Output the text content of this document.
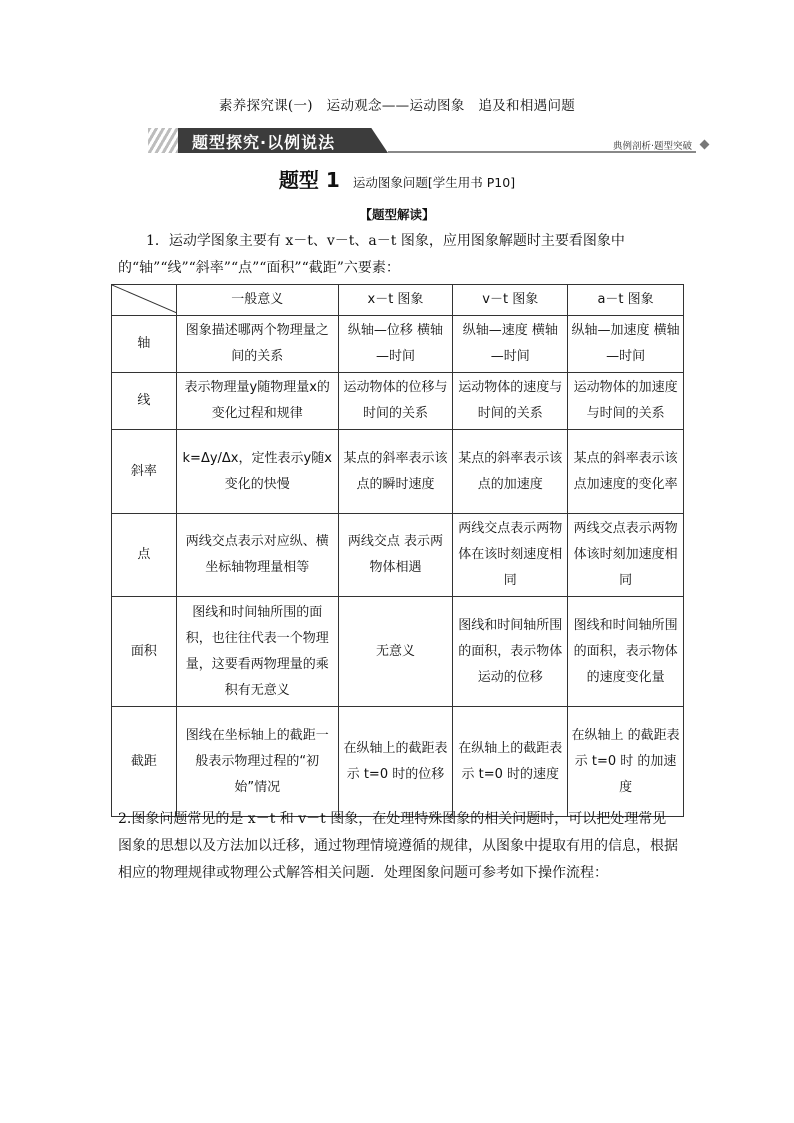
素养探究课(一)　运动观念——运动图象　追及和相遇问题
题型探究·以例说法	典例剖析·题型突破
题型 1 运动图象问题[学生用书 P10]
【题型解读】
1．运动学图象主要有 x－t、v－t、a－t 图象，应用图象解题时主要看图象中的“轴”“线”“斜率”“点”“面积”“截距”六要素：
	一般意义	x－t 图象	v－t 图象	a－t 图象
轴	图象描述哪两个物理量之间的关系	纵轴—位移 横轴—时间	纵轴—速度 横轴—时间	纵轴—加速度 横轴—时间
线	表示物理量y随物理量x的变化过程和规律	运动物体的位移与时间的关系	运动物体的速度与时间的关系	运动物体的加速度与时间的关系
斜率	k=Δy/Δx，定性表示y随x变化的快慢	某点的斜率表示该点的瞬时速度	某点的斜率表示该点的加速度	某点的斜率表示该点加速度的变化率
点	两线交点表示对应纵、横坐标轴物理量相等	两线交点 表示两物体相遇	两线交点表示两物体在该时刻速度相同	两线交点表示两物体该时刻加速度相同
面积	图线和时间轴所围的面积，也往往代表一个物理量，这要看两物理量的乘积有无意义	无意义	图线和时间轴所围的面积，表示物体运动的位移	图线和时间轴所围的面积，表示物体的速度变化量
截距	图线在坐标轴上的截距一般表示物理过程的“初始”情况	在纵轴上的截距表示 t=0 时的位移	在纵轴上的截距表示 t=0 时的速度	在纵轴上 的截距表 示 t=0 时 的加速度
2.图象问题常见的是 x－t 和 v－t 图象，在处理特殊图象的相关问题时，可以把处理常见图象的思想以及方法加以迁移，通过物理情境遵循的规律，从图象中提取有用的信息，根据相应的物理规律或物理公式解答相关问题．处理图象问题可参考如下操作流程：
